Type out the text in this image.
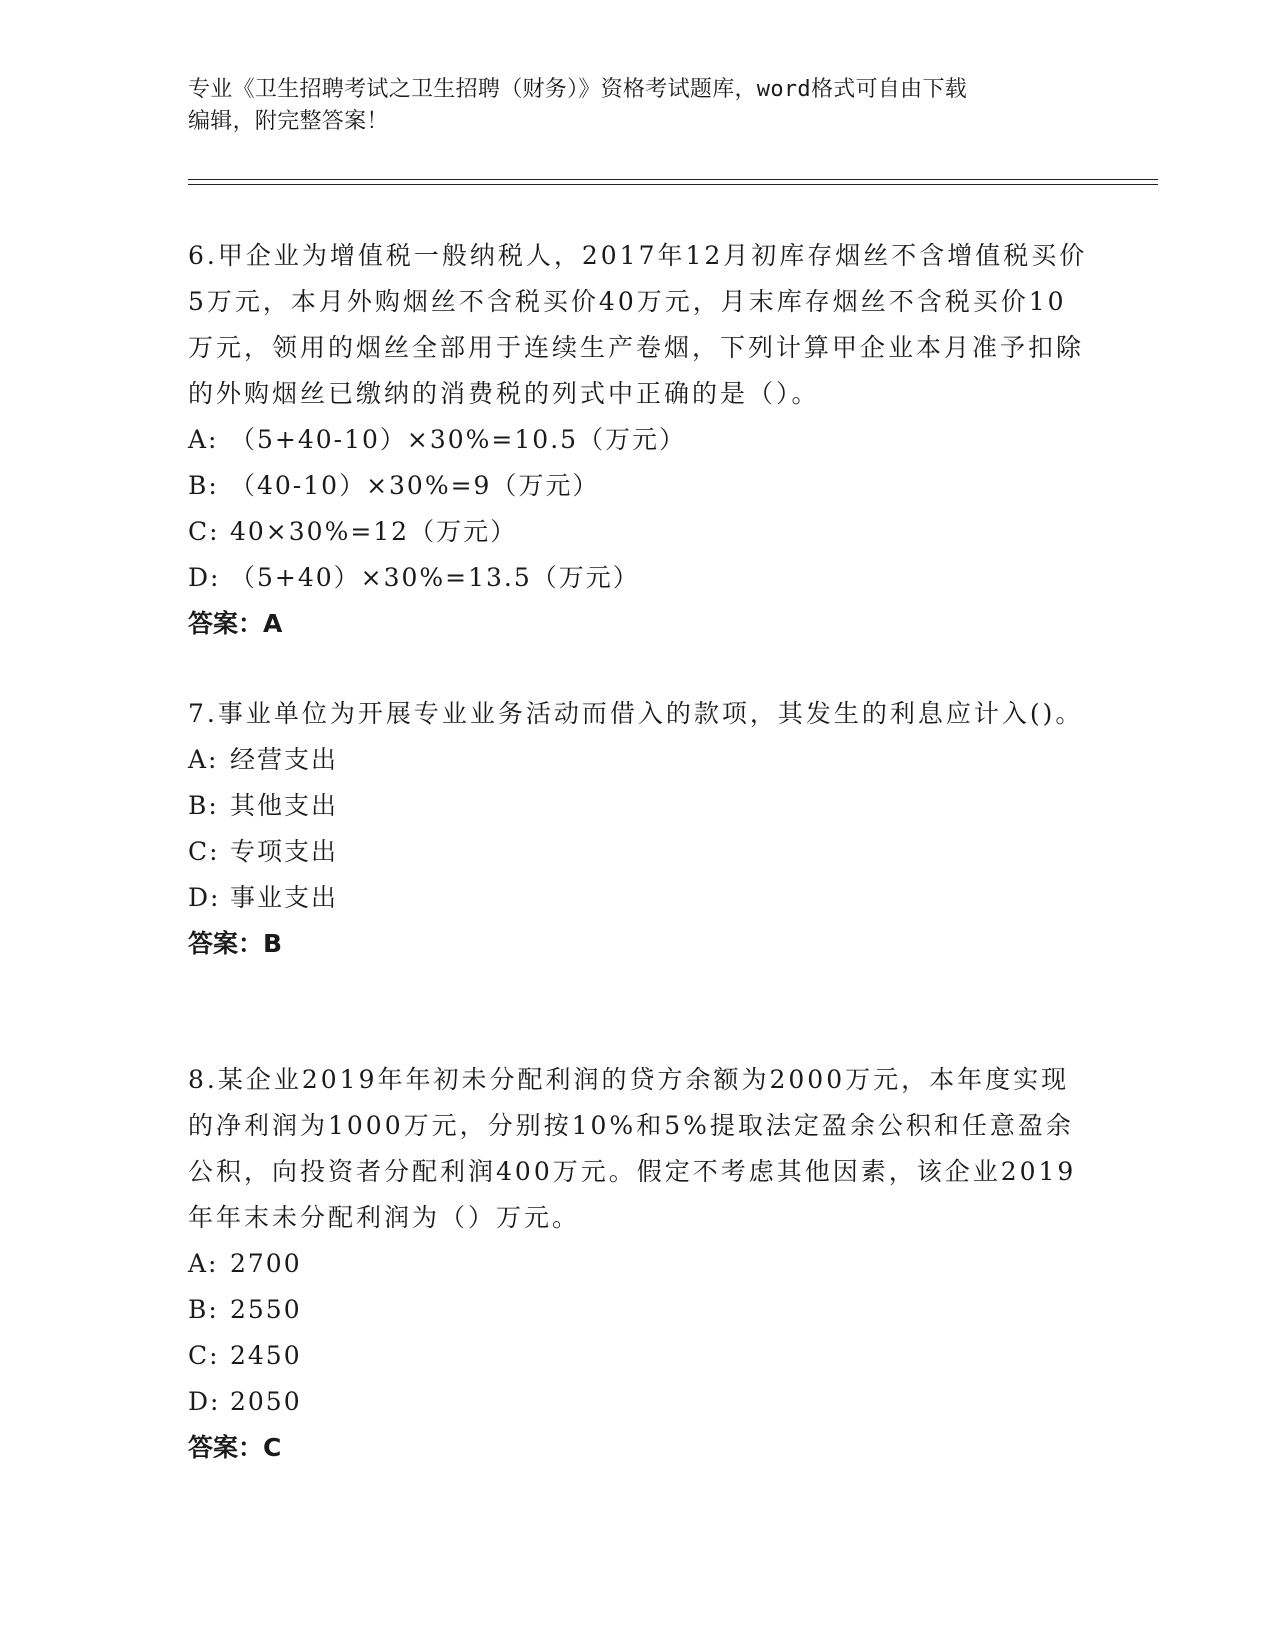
专业《卫生招聘考试之卫生招聘（财务）》资格考试题库，word格式可自由下载
编辑，附完整答案！

6.甲企业为增值税一般纳税人，2017年12月初库存烟丝不含增值税买价5万元，本月外购烟丝不含税买价40万元，月末库存烟丝不含税买价10万元，领用的烟丝全部用于连续生产卷烟，下列计算甲企业本月准予扣除的外购烟丝已缴纳的消费税的列式中正确的是（）。

A: （5+40-10）×30%=10.5（万元）

B: （40-10）×30%=9（万元）

C: 40×30%=12（万元）

D: （5+40）×30%=13.5（万元）

答案：A

7.事业单位为开展专业业务活动而借入的款项，其发生的利息应计入()。

A: 经营支出

B: 其他支出

C: 专项支出

D: 事业支出

答案：B

8.某企业2019年年初未分配利润的贷方余额为2000万元，本年度实现的净利润为1000万元，分别按10%和5%提取法定盈余公积和任意盈余公积，向投资者分配利润400万元。假定不考虑其他因素，该企业2019年年末未分配利润为（）万元。

A: 2700

B: 2550

C: 2450

D: 2050

答案：C
